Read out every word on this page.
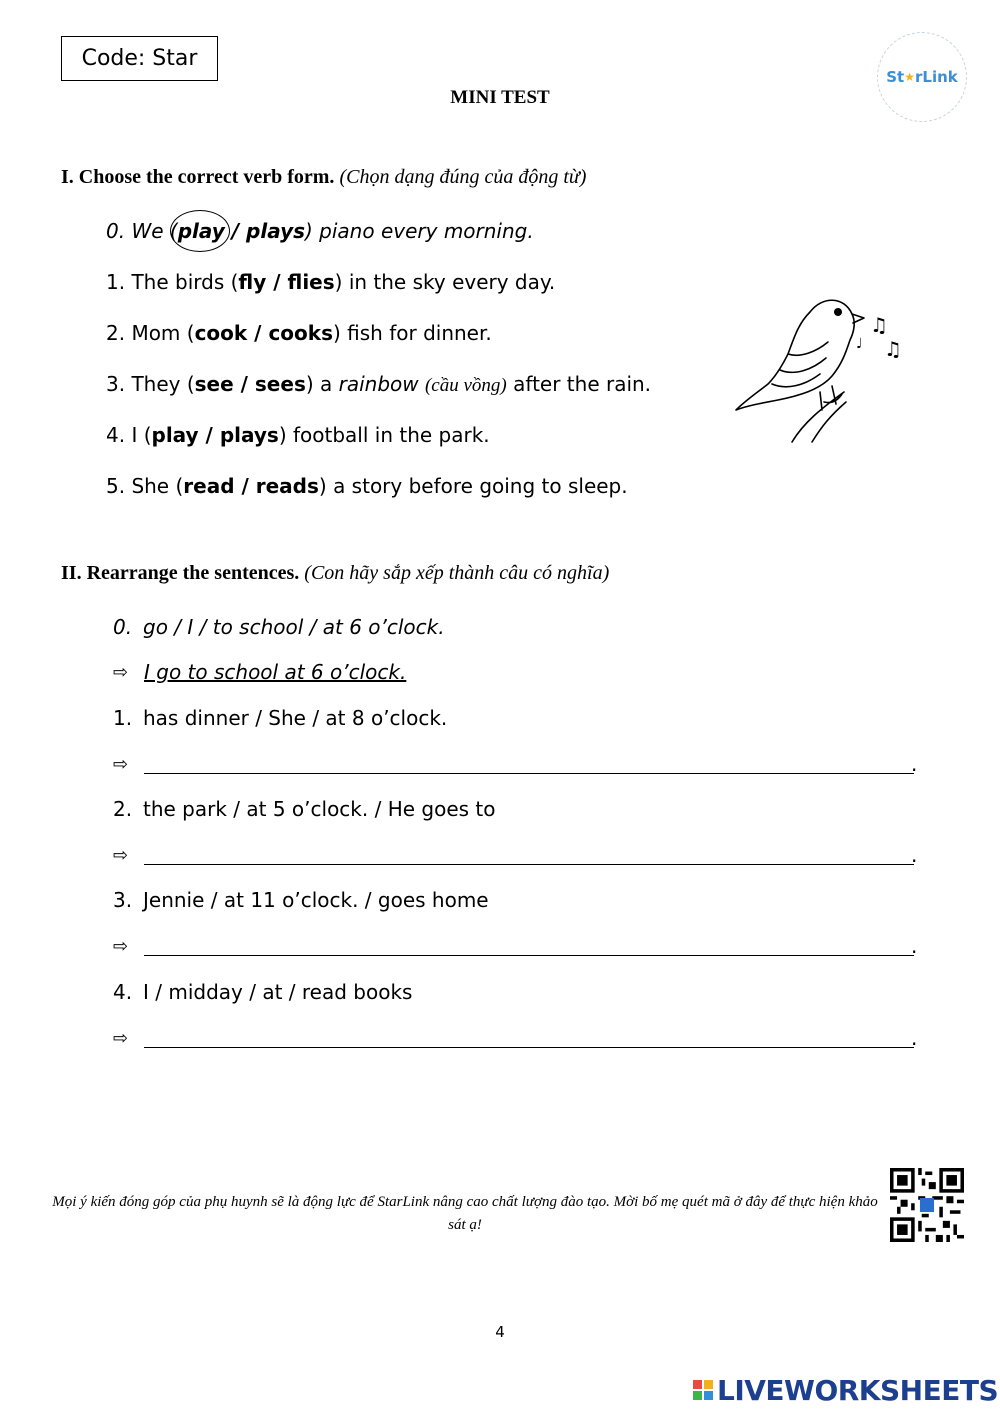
Code: Star
St ★ rLink
MINI TEST
I. Choose the correct verb form. (Chọn dạng đúng của động từ)
0. We (
play / plays) piano every morning.
1. The birds (fly / flies) in the sky every day.
2. Mom (cook / cooks) fish for dinner.
3. They (see / sees) a rainbow (cầu vồng) after the rain.
4. I (play / plays) football in the park.
5. She (read / reads) a story before going to sleep.
♫
♫
♩
II. Rearrange the sentences. (Con hãy sắp xếp thành câu có nghĩa)
0. go / I / to school / at 6 o’clock.
⇨ I go to school at 6 o’clock.
1. has dinner / She / at 8 o’clock.
⇨	.
2. the park / at 5 o’clock. / He goes to
⇨	.
3. Jennie / at 11 o’clock. / goes home
⇨	.
4. I / midday / at / read books
⇨	.
Mọi ý kiến đóng góp của phụ huynh sẽ là động lực để StarLink nâng cao chất lượng đào tạo. Mời bố mẹ quét mã ở đây để thực hiện khảo sát ạ!
4
LIVEWORKSHEETS
